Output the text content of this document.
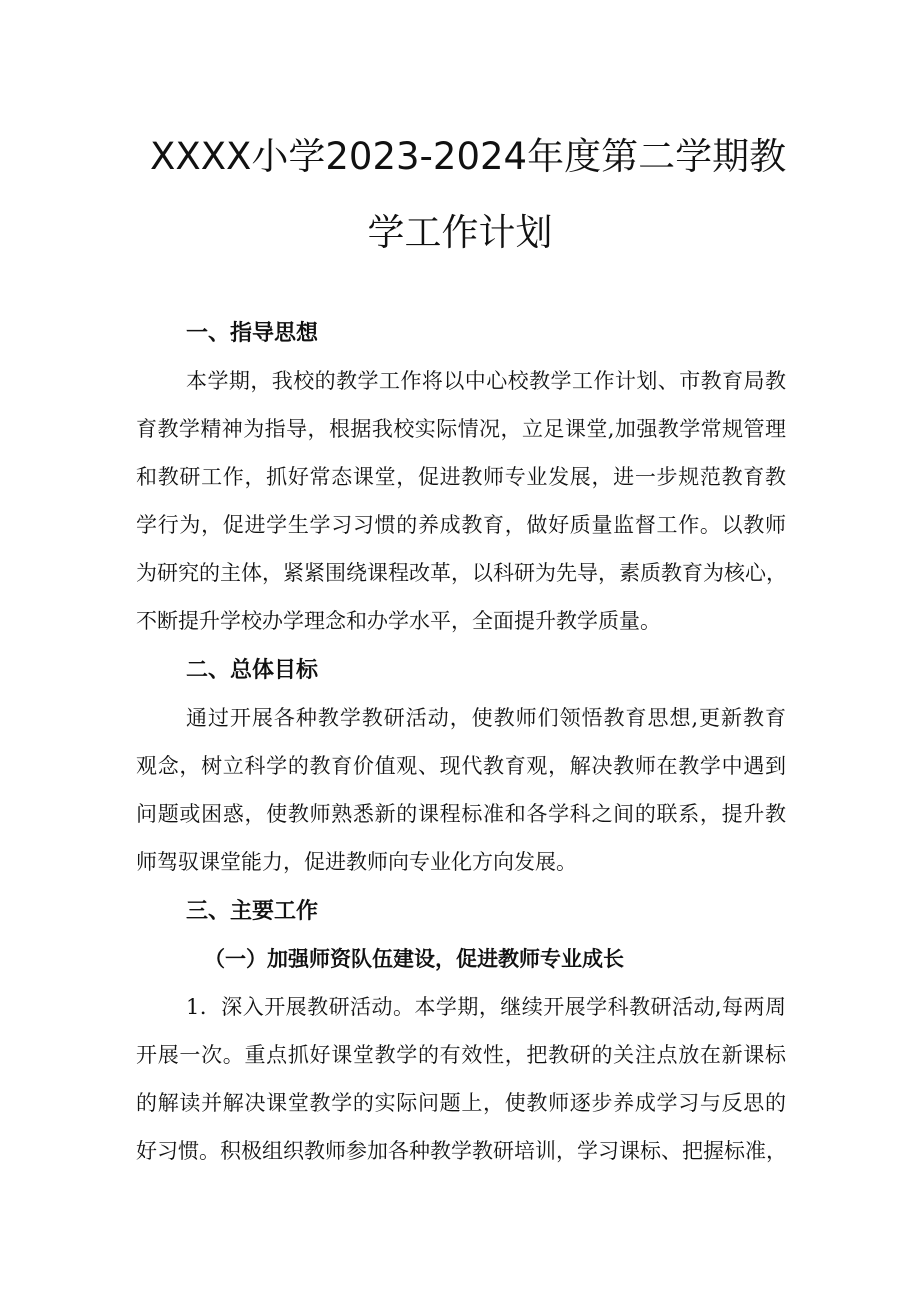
XXXX小学2023-2024年度第二学期教
学工作计划
一、指导思想
本学期，我校的教学工作将以中心校教学工作计划、市教育局教
育教学精神为指导，根据我校实际情况，立足课堂,加强教学常规管理
和教研工作，抓好常态课堂，促进教师专业发展，进一步规范教育教
学行为，促进学生学习习惯的养成教育，做好质量监督工作。以教师
为研究的主体，紧紧围绕课程改革，以科研为先导，素质教育为核心，
不断提升学校办学理念和办学水平，全面提升教学质量。
二、总体目标
通过开展各种教学教研活动，使教师们领悟教育思想,更新教育
观念，树立科学的教育价值观、现代教育观，解决教师在教学中遇到
问题或困惑，使教师熟悉新的课程标准和各学科之间的联系，提升教
师驾驭课堂能力，促进教师向专业化方向发展。
三、主要工作
（一）加强师资队伍建设，促进教师专业成长
1．深入开展教研活动。本学期，继续开展学科教研活动,每两周
开展一次。重点抓好课堂教学的有效性，把教研的关注点放在新课标
的解读并解决课堂教学的实际问题上，使教师逐步养成学习与反思的
好习惯。积极组织教师参加各种教学教研培训，学习课标、把握标准，
